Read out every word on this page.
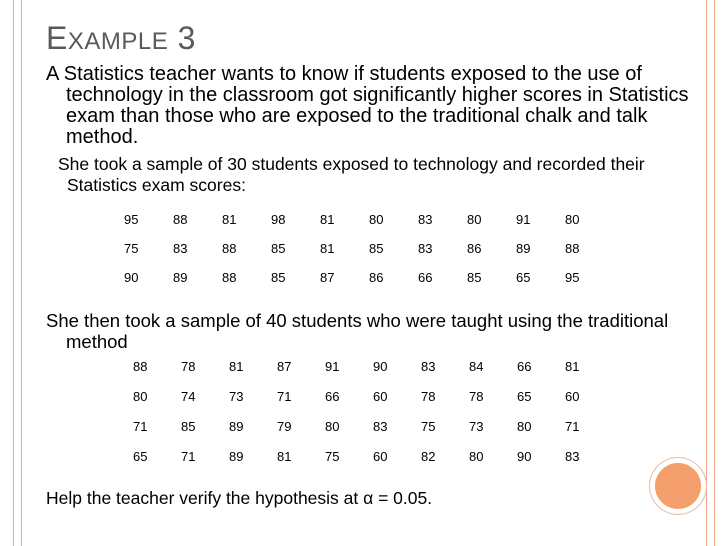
EXAMPLE 3
A Statistics teacher wants to know if students exposed to the use of technology in the classroom got significantly higher scores in Statistics exam than those who are exposed to the traditional chalk and talk method.
She took a sample of 30 students exposed to technology and recorded their Statistics exam scores:
95	88	81	98	81	80	83	80	91	80
75	83	88	85	81	85	83	86	89	88
90	89	88	85	87	86	66	85	65	95
She then took a sample of 40 students who were taught using the traditional method
88	78	81	87	91	90	83	84	66	81
80	74	73	71	66	60	78	78	65	60
71	85	89	79	80	83	75	73	80	71
65	71	89	81	75	60	82	80	90	83
Help the teacher verify the hypothesis at α = 0.05.
